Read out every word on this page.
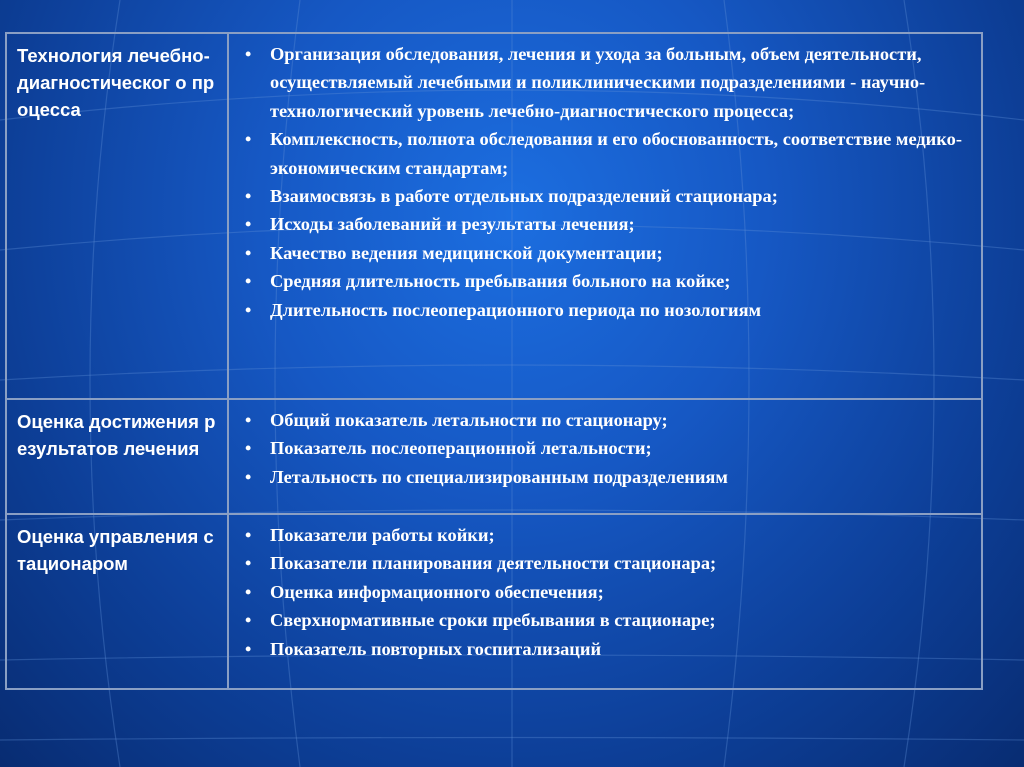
Технология лечебно-диагностическог о процесса

• Организация обследования, лечения и ухода за больным, объем деятельности, осуществляемый лечебными и поликлиническими подразделениями - научно-технологический уровень лечебно-диагностического процесса;
• Комплексность, полнота обследования и его обоснованность, соответствие медико-экономическим стандартам;
• Взаимосвязь в работе отдельных подразделений стационара;
• Исходы заболеваний и результаты лечения;
• Качество ведения медицинской документации;
• Средняя длительность пребывания больного на койке;
• Длительность послеоперационного периода по нозологиям

Оценка достижения результатов лечения

• Общий показатель летальности по стационару;
• Показатель послеоперационной летальности;
• Летальность по специализированным подразделениям

Оценка управления стационаром

• Показатели работы койки;
• Показатели планирования деятельности стационара;
• Оценка информационного обеспечения;
• Сверхнормативные сроки пребывания в стационаре;
• Показатель повторных госпитализаций
